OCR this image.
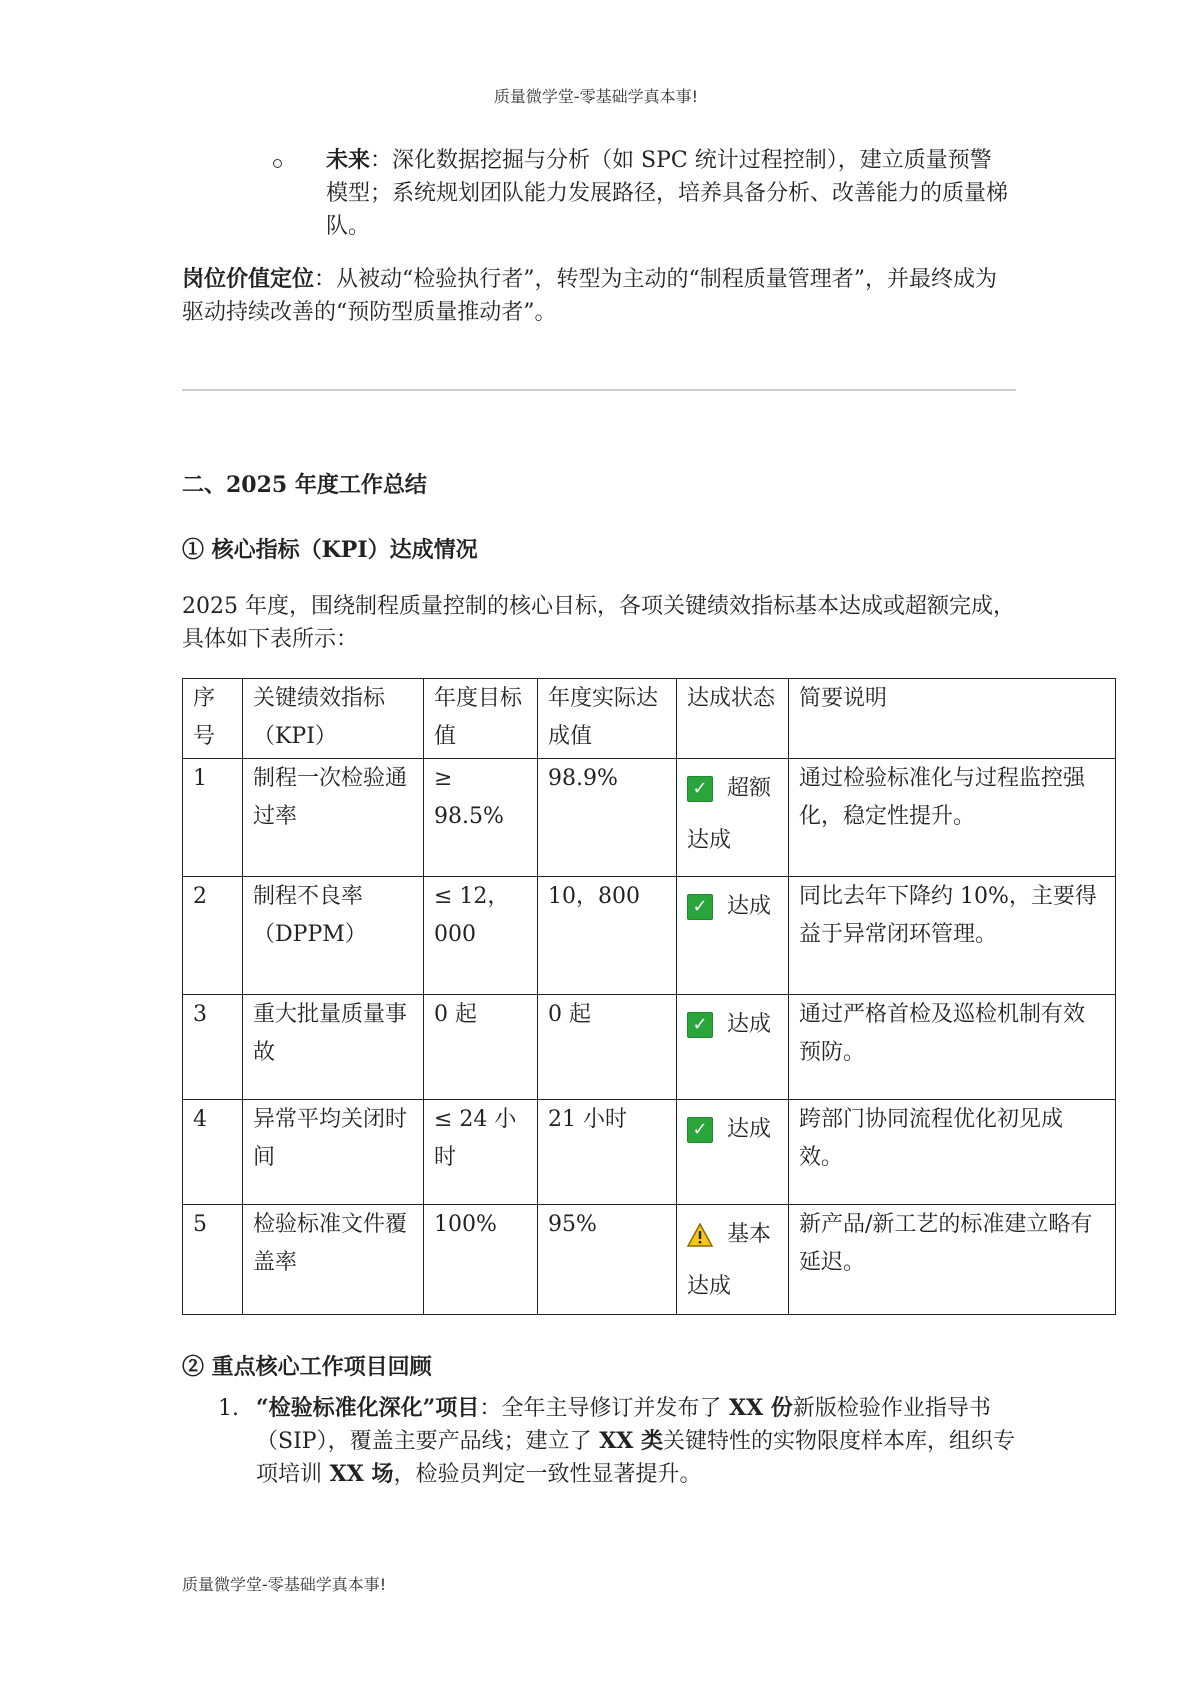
质量微学堂-零基础学真本事!
未来：深化数据挖掘与分析（如 SPC 统计过程控制），建立质量预警模型；系统规划团队能力发展路径，培养具备分析、改善能力的质量梯队。
岗位价值定位：从被动“检验执行者”，转型为主动的“制程质量管理者”，并最终成为驱动持续改善的“预防型质量推动者”。
二、2025 年度工作总结
① 核心指标（KPI）达成情况
2025 年度，围绕制程质量控制的核心目标，各项关键绩效指标基本达成或超额完成，具体如下表所示：
序号	关键绩效指标（KPI）	年度目标值	年度实际达成值	达成状态	简要说明
1	制程一次检验通过率	≥ 98.5%	98.9%	✓ 超额达成	通过检验标准化与过程监控强化，稳定性提升。
2	制程不良率（DPPM）	≤ 12，000	10，800	✓ 达成	同比去年下降约 10%，主要得益于异常闭环管理。
3	重大批量质量事故	0 起	0 起	✓ 达成	通过严格首检及巡检机制有效预防。
4	异常平均关闭时间	≤ 24 小时	21 小时	✓ 达成	跨部门协同流程优化初见成效。
5	检验标准文件覆盖率	100%	95%	基本达成	新产品/新工艺的标准建立略有延迟。
② 重点核心工作项目回顾
1. “检验标准化深化”项目：全年主导修订并发布了 XX 份新版检验作业指导书（SIP），覆盖主要产品线；建立了 XX 类关键特性的实物限度样本库，组织专项培训 XX 场，检验员判定一致性显著提升。
质量微学堂-零基础学真本事!
